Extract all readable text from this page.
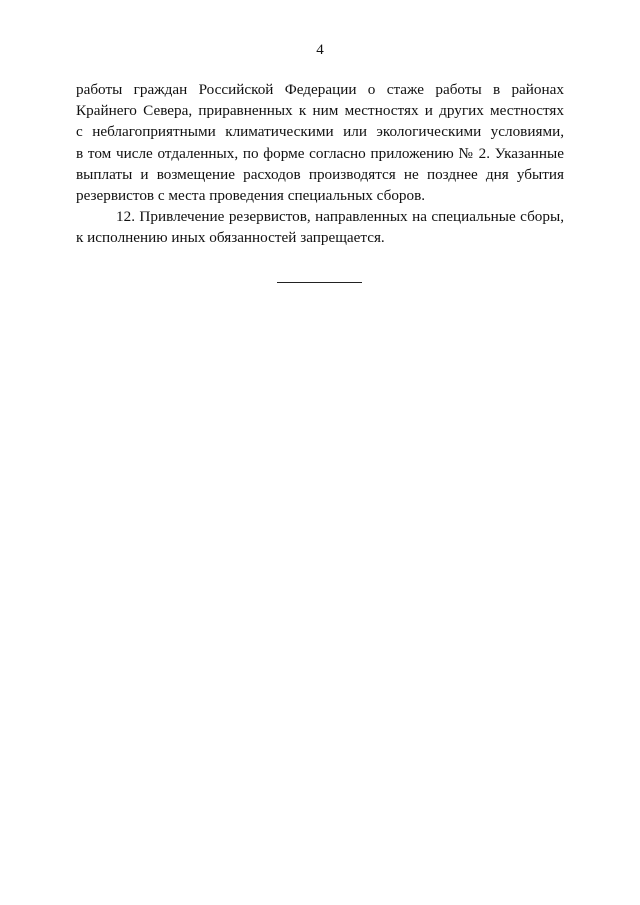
4
работы граждан Российской Федерации о стаже работы в районах
Крайнего Севера, приравненных к ним местностях и других местностях
с неблагоприятными климатическими или экологическими условиями,
в том числе отдаленных, по форме согласно приложению № 2. Указанные
выплаты и возмещение расходов производятся не позднее дня убытия
резервистов с места проведения специальных сборов.
12. Привлечение резервистов, направленных на специальные сборы,
к исполнению иных обязанностей запрещается.
